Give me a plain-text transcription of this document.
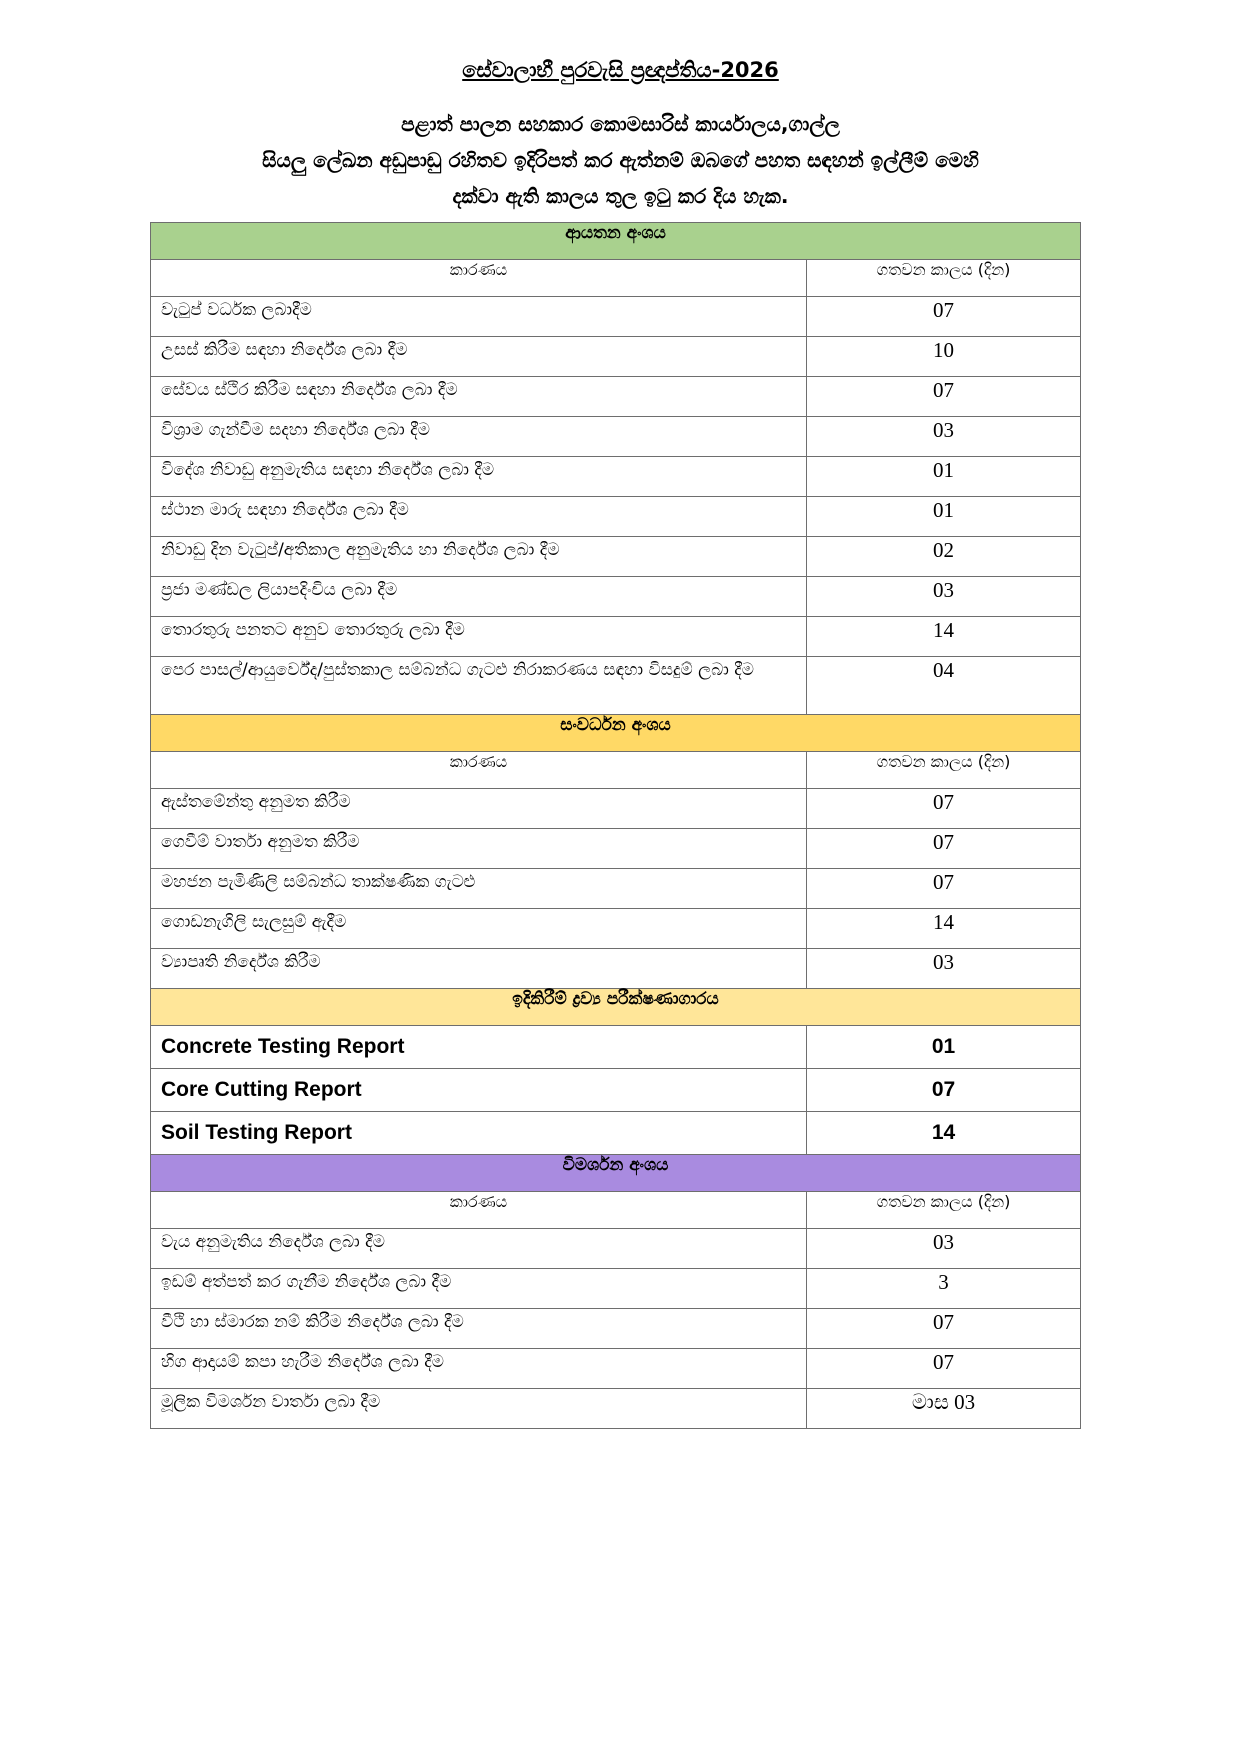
සේවාලාභී පුරවැසි ප්‍රඥප්තිය-2026
පළාත් පාලන සහකාර කොමසාරිස් කාර්යාලය,ගාල්ල
සියලු ලේඛන අඩුපාඩු රහිතව ඉදිරිපත් කර ඇත්නම් ඔබගේ පහත සඳහන් ඉල්ලීම් මෙහි
දක්වා ඇති කාලය තුල ඉටු කර දිය හැක.
ආයතන අංශය	
කාරණය	ගතවන කාලය (දින)
වැටුප් වර්ධක ලබාදීම	07
උසස් කිරීම සඳහා නිර්දේශ ලබා දීම	10
සේවය ස්ථිර කිරීම සඳහා නිර්දේශ ලබා දීම	07
විශ්‍රාම ගැන්වීම සදහා නිර්දේශ ලබා දීම	03
විදේශ නිවාඩු අනුමැතිය සඳහා නිර්දේශ ලබා දීම	01
ස්ථාන මාරු සඳහා නිර්දේශ ලබා දීම	01
නිවාඩු දින වැටුප්/අතිකාල අනුමැතිය හා නිර්දේශ ලබා දීම	02
ප්‍රජා මණ්ඩල ලියාපදිංචිය ලබා දීම	03
තොරතුරු පනතට අනුව තොරතුරු ලබා දීම	14
පෙර පාසල්/ආයුර්වේද/පුස්තකාල සම්බන්ධ ගැටළු නිරාකරණය සඳහා විසදුම් ලබා දීම	04
සංවර්ධන අංශය	
කාරණය	ගතවන කාලය (දින)
ඇස්තමේන්තු අනුමත කිරීම	07
ගෙවීම් වාර්තා අනුමත කිරීම	07
මහජන පැමිණිලි සම්බන්ධ තාක්ෂණික ගැටළු	07
ගොඩනැගිලි සැලසුම් ඇදීම	14
ව්‍යාපෘති නිර්දේශ කිරීම	03
ඉදිකිරීම් ද්‍රව්‍ය පරීක්ෂණාගාරය	
Concrete Testing Report	01
Core Cutting Report	07
Soil Testing Report	14
විමර්ශන අංශය	
කාරණය	ගතවන කාලය (දින)
වැය අනුමැතිය නිර්දේශ ලබා දීම	03
ඉඩම් අත්පත් කර ගැනීම නිර්දේශ ලබා දීම	3
වීථි හා ස්මාරක නම් කිරීම නිර්දේශ ලබා දීම	07
හිග ආදායම් කපා හැරීම නිර්දේශ ලබා දීම	07
මූලික විමර්ශන වාර්තා ලබා දීම	මාස 03
